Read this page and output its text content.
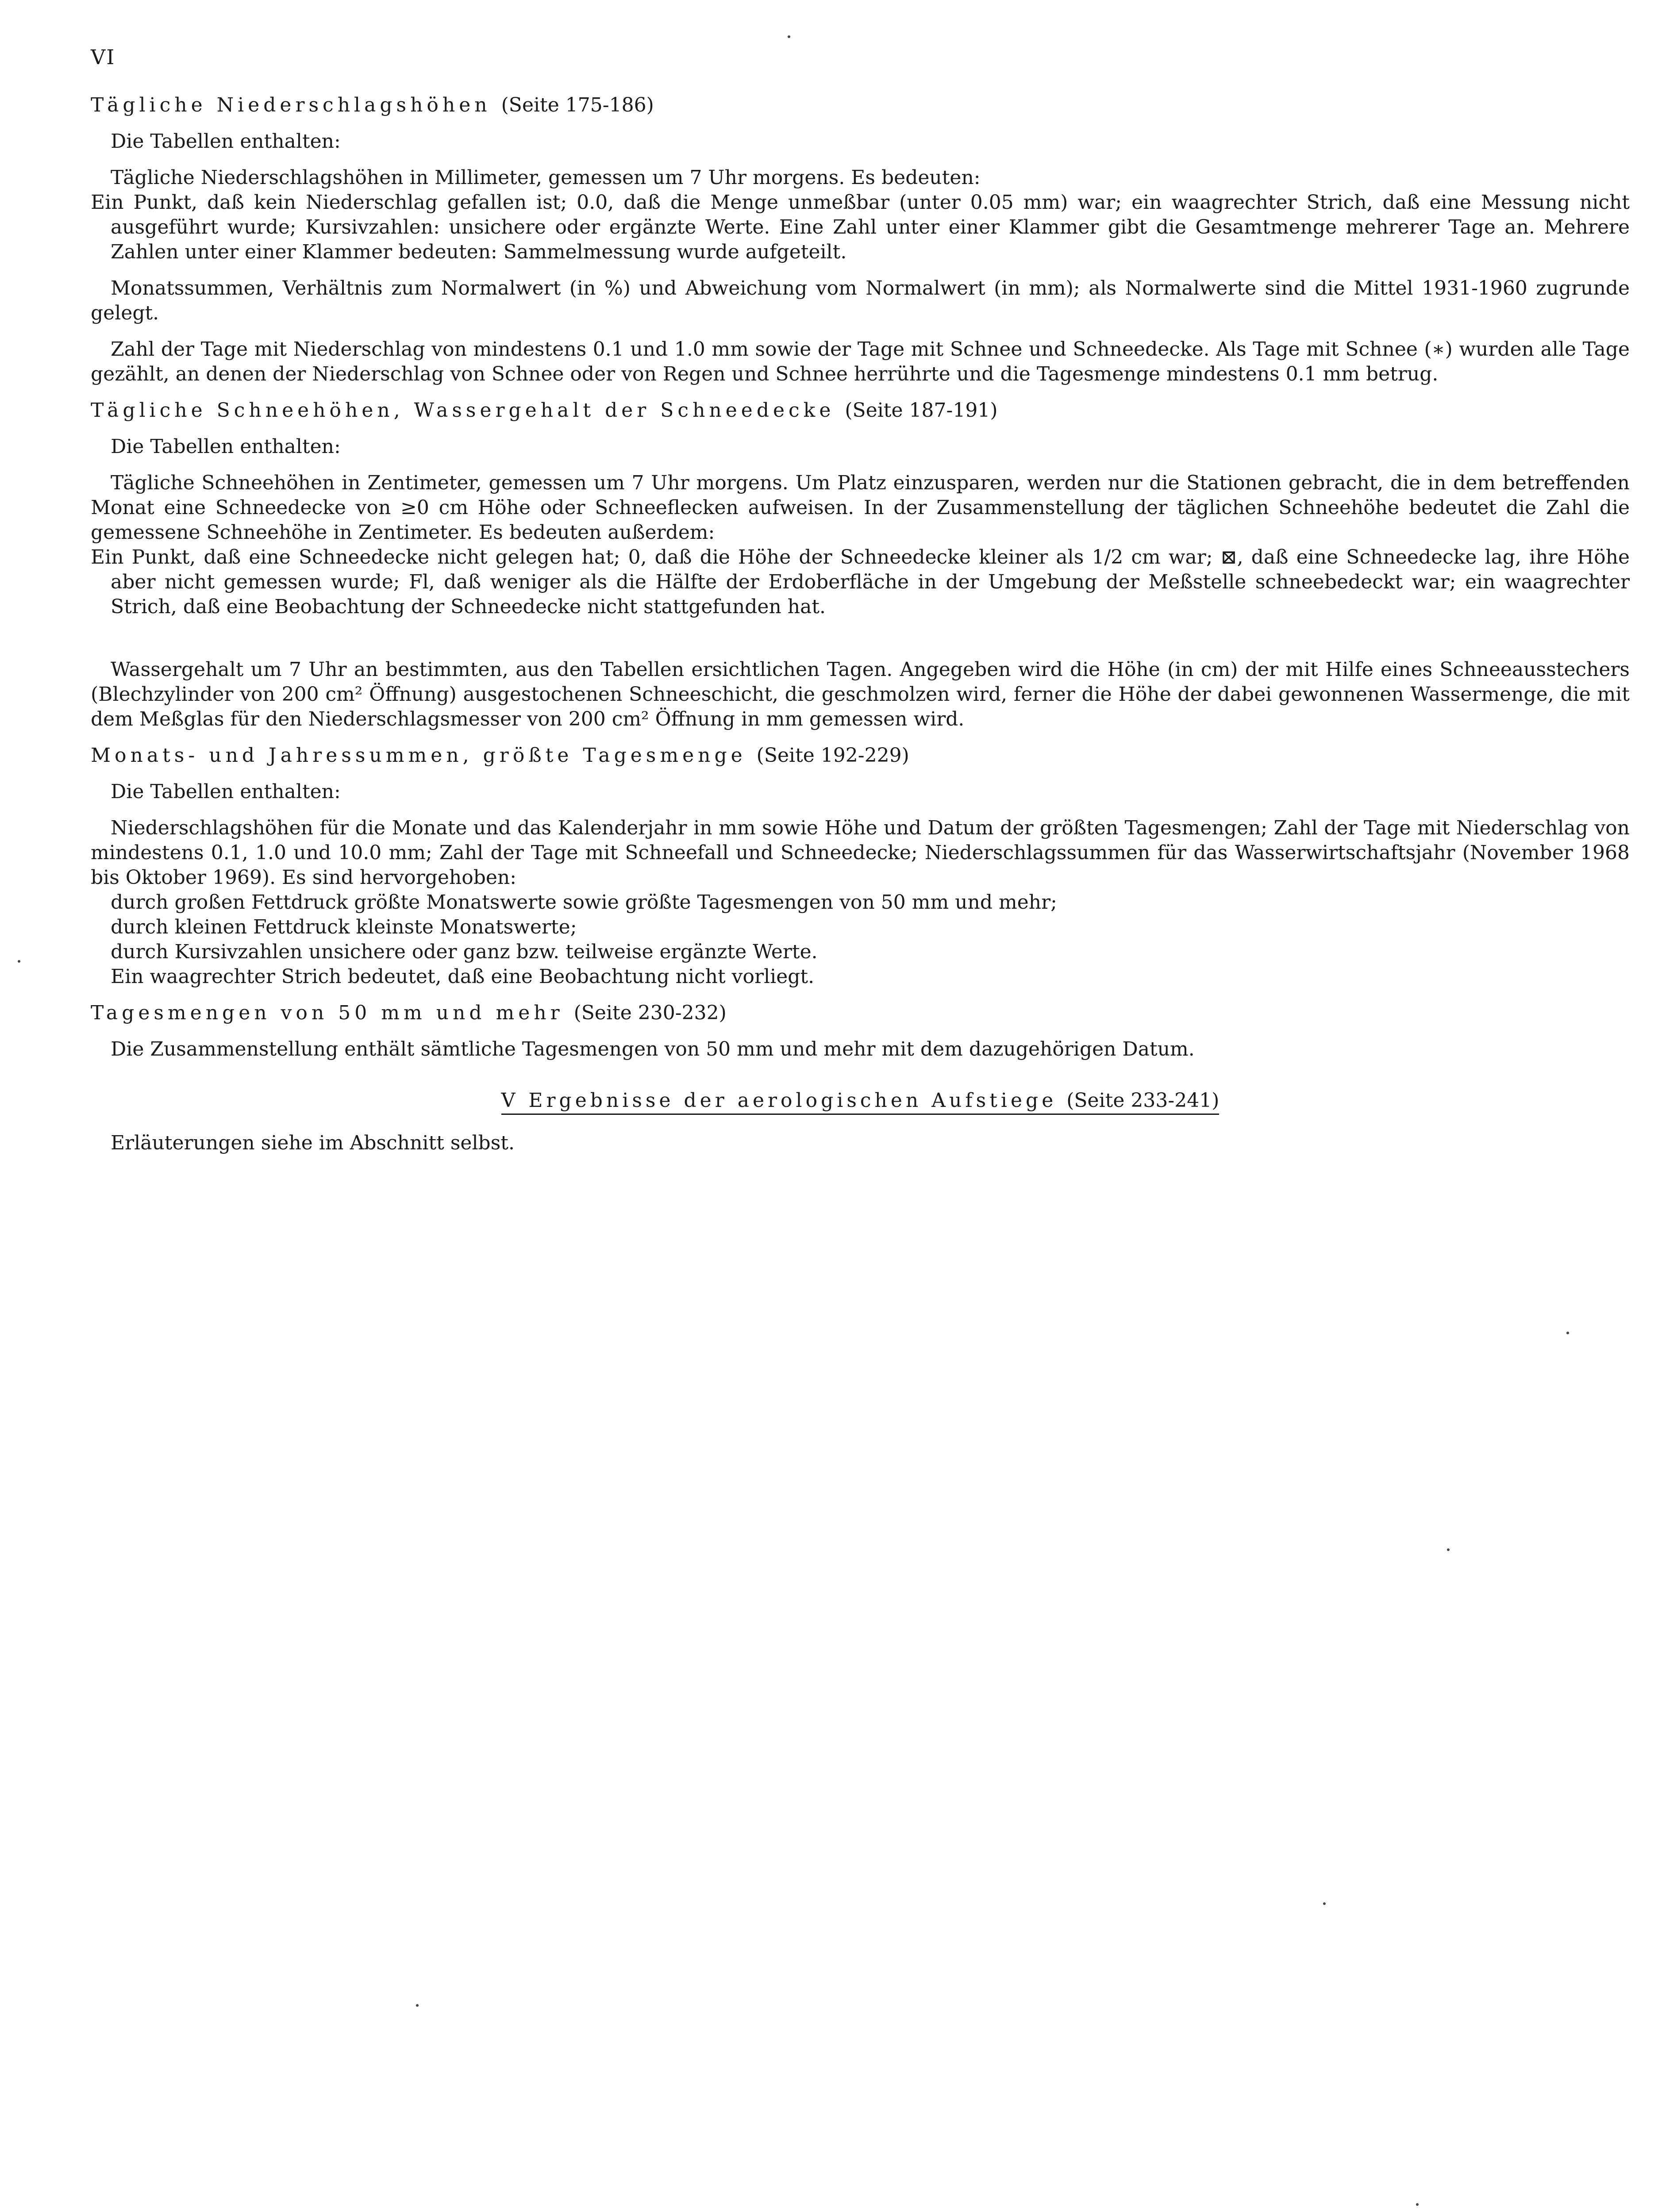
VI
Tägliche Niederschlagshöhen (Seite 175-186)
Die Tabellen enthalten:
Tägliche Niederschlagshöhen in Millimeter, gemessen um 7 Uhr morgens. Es bedeuten:
Ein Punkt, daß kein Niederschlag gefallen ist; 0.0, daß die Menge unmeßbar (unter 0.05 mm) war; ein waagrechter Strich, daß eine Messung nicht ausgeführt wurde; Kursivzahlen: unsichere oder ergänzte Werte. Eine Zahl unter einer Klammer gibt die Gesamtmenge mehrerer Tage an. Mehrere Zahlen unter einer Klammer bedeuten: Sammelmessung wurde aufgeteilt.
Monatssummen, Verhältnis zum Normalwert (in %) und Abweichung vom Normalwert (in mm); als Normalwerte sind die Mittel 1931-1960 zugrunde gelegt.
Zahl der Tage mit Niederschlag von mindestens 0.1 und 1.0 mm sowie der Tage mit Schnee und Schneedecke. Als Tage mit Schnee (∗) wurden alle Tage gezählt, an denen der Niederschlag von Schnee oder von Regen und Schnee herrührte und die Tagesmenge mindestens 0.1 mm betrug.
Tägliche Schneehöhen, Wassergehalt der Schneedecke (Seite 187-191)
Die Tabellen enthalten:
Tägliche Schneehöhen in Zentimeter, gemessen um 7 Uhr morgens. Um Platz einzusparen, werden nur die Stationen gebracht, die in dem betreffenden Monat eine Schneedecke von ≥0 cm Höhe oder Schneeflecken aufweisen. In der Zusammenstellung der täglichen Schneehöhe bedeutet die Zahl die gemessene Schneehöhe in Zentimeter. Es bedeuten außerdem:
Ein Punkt, daß eine Schneedecke nicht gelegen hat; 0, daß die Höhe der Schneedecke kleiner als 1/2 cm war; ⊠, daß eine Schneedecke lag, ihre Höhe aber nicht gemessen wurde; Fl, daß weniger als die Hälfte der Erdoberfläche in der Umgebung der Meßstelle schneebedeckt war; ein waagrechter Strich, daß eine Beobachtung der Schneedecke nicht stattgefunden hat.
Wassergehalt um 7 Uhr an bestimmten, aus den Tabellen ersichtlichen Tagen. Angegeben wird die Höhe (in cm) der mit Hilfe eines Schneeausstechers (Blechzylinder von 200 cm² Öffnung) ausgestochenen Schneeschicht, die geschmolzen wird, ferner die Höhe der dabei gewonnenen Wassermenge, die mit dem Meßglas für den Niederschlagsmesser von 200 cm² Öffnung in mm gemessen wird.
Monats- und Jahressummen, größte Tagesmenge (Seite 192-229)
Die Tabellen enthalten:
Niederschlagshöhen für die Monate und das Kalenderjahr in mm sowie Höhe und Datum der größten Tagesmengen; Zahl der Tage mit Niederschlag von mindestens 0.1, 1.0 und 10.0 mm; Zahl der Tage mit Schneefall und Schneedecke; Niederschlagssummen für das Wasserwirtschaftsjahr (November 1968 bis Oktober 1969). Es sind hervorgehoben:
durch großen Fettdruck größte Monatswerte sowie größte Tagesmengen von 50 mm und mehr;
durch kleinen Fettdruck kleinste Monatswerte;
durch Kursivzahlen unsichere oder ganz bzw. teilweise ergänzte Werte.
Ein waagrechter Strich bedeutet, daß eine Beobachtung nicht vorliegt.
Tagesmengen von 50 mm und mehr (Seite 230-232)
Die Zusammenstellung enthält sämtliche Tagesmengen von 50 mm und mehr mit dem dazugehörigen Datum.
V Ergebnisse der aerologischen Aufstiege (Seite 233-241)
Erläuterungen siehe im Abschnitt selbst.
